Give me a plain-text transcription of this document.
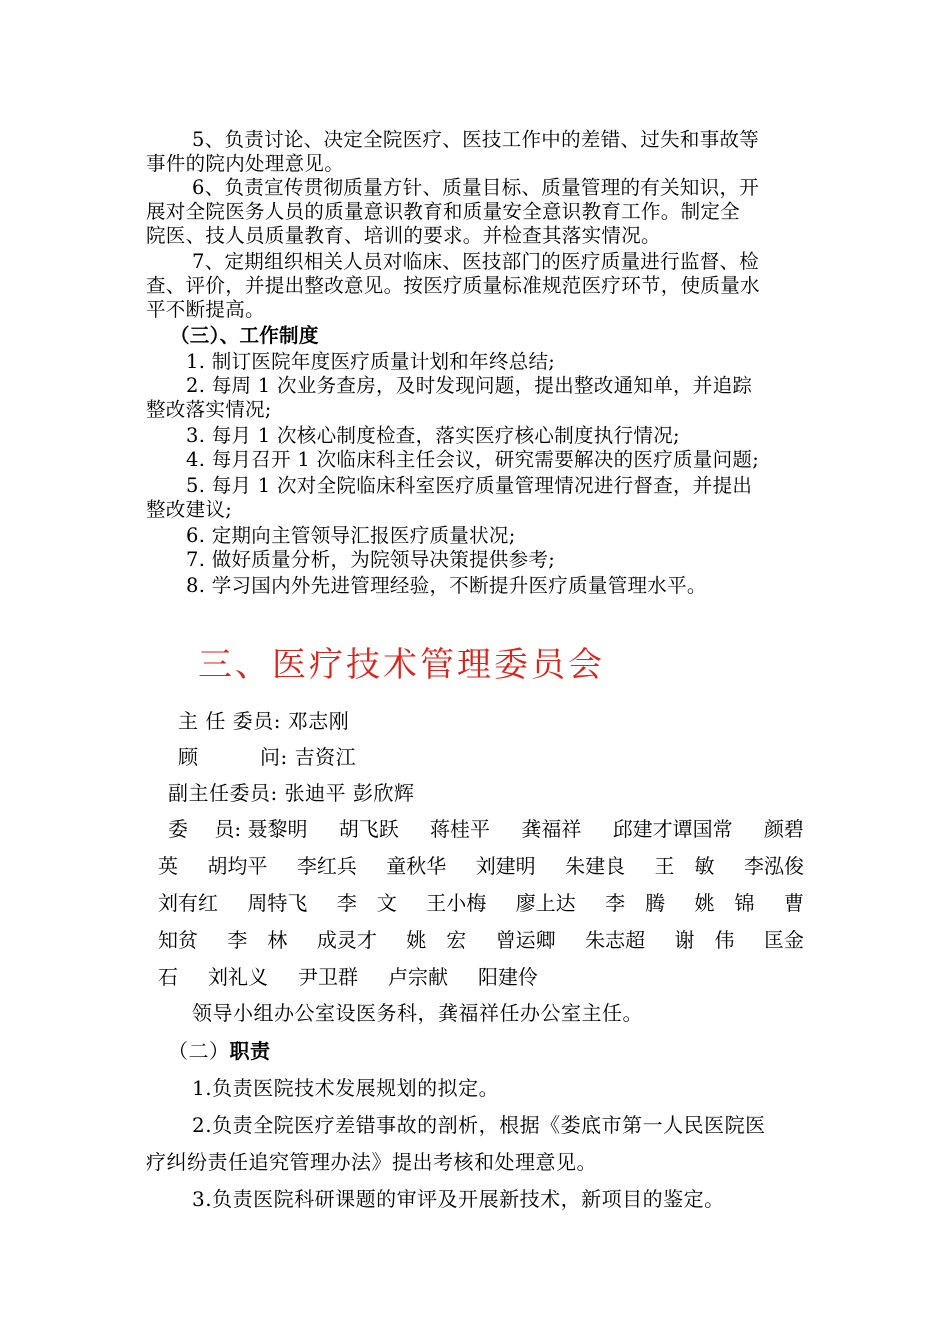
5、负责讨论、决定全院医疗、医技工作中的差错、过失和事故等
事件的院内处理意见。
6、负责宣传贯彻质量方针、质量目标、质量管理的有关知识，开
展对全院医务人员的质量意识教育和质量安全意识教育工作。制定全
院医、技人员质量教育、培训的要求。并检查其落实情况。
7、定期组织相关人员对临床、医技部门的医疗质量进行监督、检
查、评价，并提出整改意见。按医疗质量标准规范医疗环节，使质量水
平不断提高。
（三）、工作制度
1. 制订医院年度医疗质量计划和年终总结;
2. 每周 1 次业务查房，及时发现问题，提出整改通知单，并追踪
整改落实情况;
3. 每月 1 次核心制度检查，落实医疗核心制度执行情况;
4. 每月召开 1 次临床科主任会议，研究需要解决的医疗质量问题;
5. 每月 1 次对全院临床科室医疗质量管理情况进行督查，并提出
整改建议;
6. 定期向主管领导汇报医疗质量状况;
7. 做好质量分析，为院领导决策提供参考;
8. 学习国内外先进管理经验，不断提升医疗质量管理水平。
三、医疗技术管理委员会
主 任 委员: 邓志刚
顾　　　问: 吉资江
副主任委员: 张迪平 彭欣辉
委　 员: 聂黎明 胡飞跃 蒋桂平 龚福祥 邱建才谭国常 颜碧
英 胡均平 李红兵 童秋华 刘建明 朱建良 王　敏 李泓俊
刘有红 周特飞 李　文 王小梅 廖上达 李　腾 姚　锦 曹
知贫 李　林 成灵才 姚　宏 曾运卿 朱志超 谢　伟 匡金
石 刘礼义 尹卫群 卢宗献 阳建伶
领导小组办公室设医务科，龚福祥任办公室主任。
（二）职责
1.负责医院技术发展规划的拟定。
2.负责全院医疗差错事故的剖析，根据《娄底市第一人民医院医
疗纠纷责任追究管理办法》提出考核和处理意见。
3.负责医院科研课题的审评及开展新技术，新项目的鉴定。
